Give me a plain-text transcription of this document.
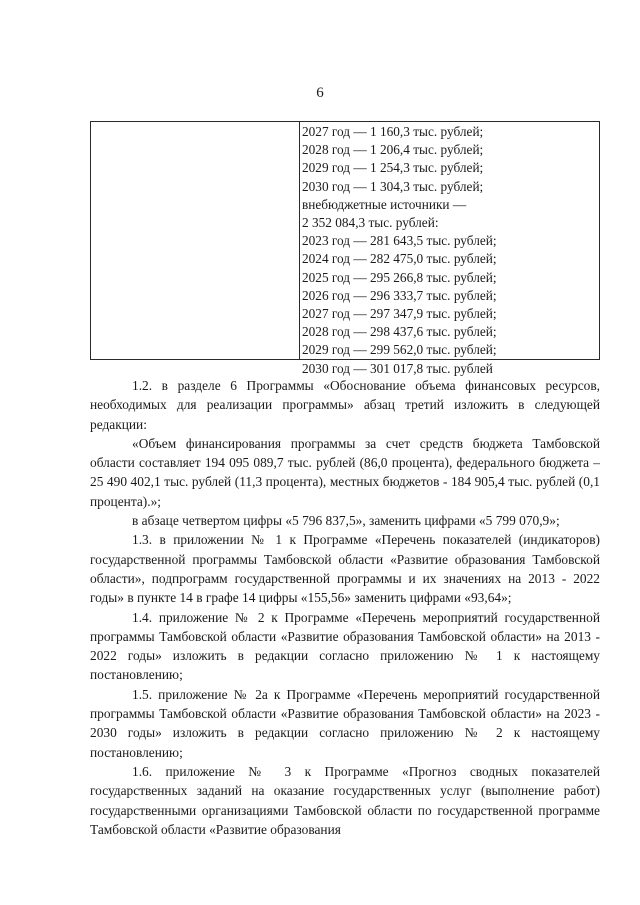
6

2027 год — 1 160,3 тыс. рублей;

2028 год — 1 206,4 тыс. рублей;

2029 год — 1 254,3 тыс. рублей;

2030 год — 1 304,3 тыс. рублей;

внебюджетные источники —

2 352 084,3 тыс. рублей:

2023 год — 281 643,5 тыс. рублей;

2024 год — 282 475,0 тыс. рублей;

2025 год — 295 266,8 тыс. рублей;

2026 год — 296 333,7 тыс. рублей;

2027 год — 297 347,9 тыс. рублей;

2028 год — 298 437,6 тыс. рублей;

2029 год — 299 562,0 тыс. рублей;

2030 год — 301 017,8 тыс. рублей

1.2. в разделе 6 Программы «Обоснование объема финансовых ресурсов, необходимых для реализации программы» абзац третий изложить в следующей редакции:

«Объем финансирования программы за счет средств бюджета Тамбовской области составляет 194 095 089,7 тыс. рублей (86,0 процента), федерального бюджета – 25 490 402,1 тыс. рублей (11,3 процента), местных бюджетов - 184 905,4 тыс. рублей (0,1 процента).»;

в абзаце четвертом цифры «5 796 837,5», заменить цифрами «5 799 070,9»;

1.3. в приложении № 1 к Программе «Перечень показателей (индикаторов) государственной программы Тамбовской области «Развитие образования Тамбовской области», подпрограмм государственной программы и их значениях на 2013 - 2022 годы» в пункте 14 в графе 14 цифры «155,56» заменить цифрами «93,64»;

1.4. приложение № 2 к Программе «Перечень мероприятий государственной программы Тамбовской области «Развитие образования Тамбовской области» на 2013 - 2022 годы» изложить в редакции согласно приложению № 1 к настоящему постановлению;

1.5. приложение № 2а к Программе «Перечень мероприятий государственной программы Тамбовской области «Развитие образования Тамбовской области» на 2023 - 2030 годы» изложить в редакции согласно приложению № 2 к настоящему постановлению;

1.6. приложение № 3 к Программе «Прогноз сводных показателей государственных заданий на оказание государственных услуг (выполнение работ) государственными организациями Тамбовской области по государственной программе Тамбовской области «Развитие образования
